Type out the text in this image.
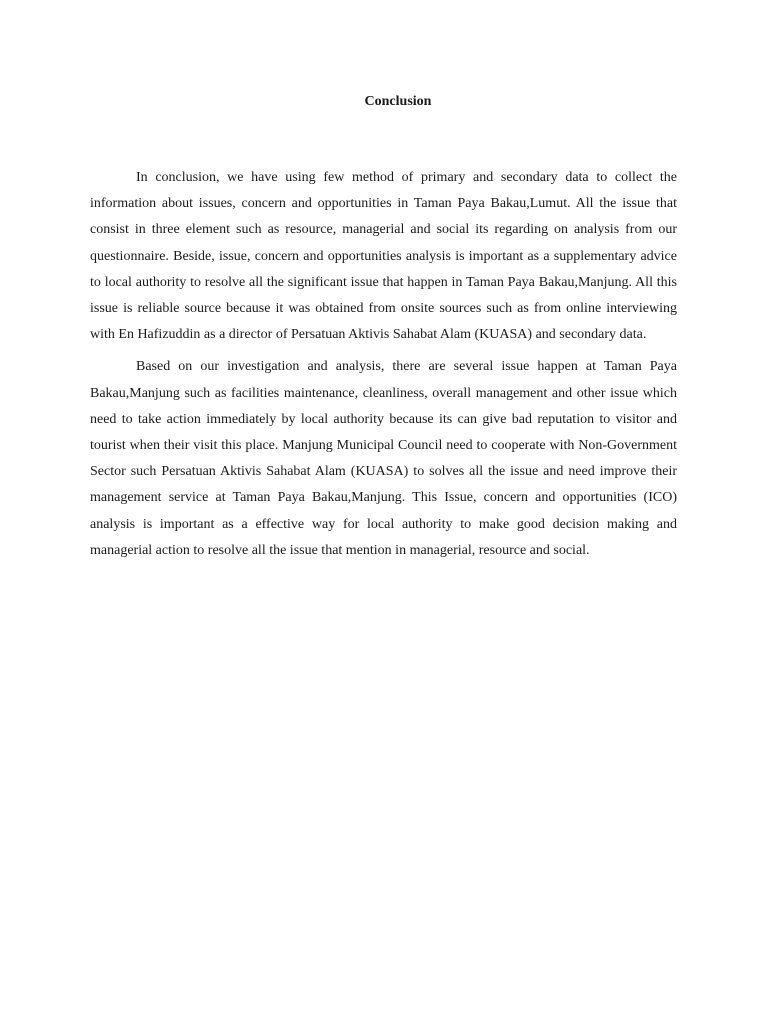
Conclusion

In conclusion, we have using few method of primary and secondary data to collect the information about issues, concern and opportunities in Taman Paya Bakau,Lumut. All the issue that consist in three element such as resource, managerial and social its regarding on analysis from our questionnaire. Beside, issue, concern and opportunities analysis is important as a supplementary advice to local authority to resolve all the significant issue that happen in Taman Paya Bakau,Manjung. All this issue is reliable source because it was obtained from onsite sources such as from online interviewing with En Hafizuddin as a director of Persatuan Aktivis Sahabat Alam (KUASA) and secondary data.

Based on our investigation and analysis, there are several issue happen at Taman Paya Bakau,Manjung such as facilities maintenance, cleanliness, overall management and other issue which need to take action immediately by local authority because its can give bad reputation to visitor and tourist when their visit this place. Manjung Municipal Council need to cooperate with Non-Government Sector such Persatuan Aktivis Sahabat Alam (KUASA) to solves all the issue and need improve their management service at Taman Paya Bakau,Manjung. This Issue, concern and opportunities (ICO) analysis is important as a effective way for local authority to make good decision making and managerial action to resolve all the issue that mention in managerial, resource and social.
